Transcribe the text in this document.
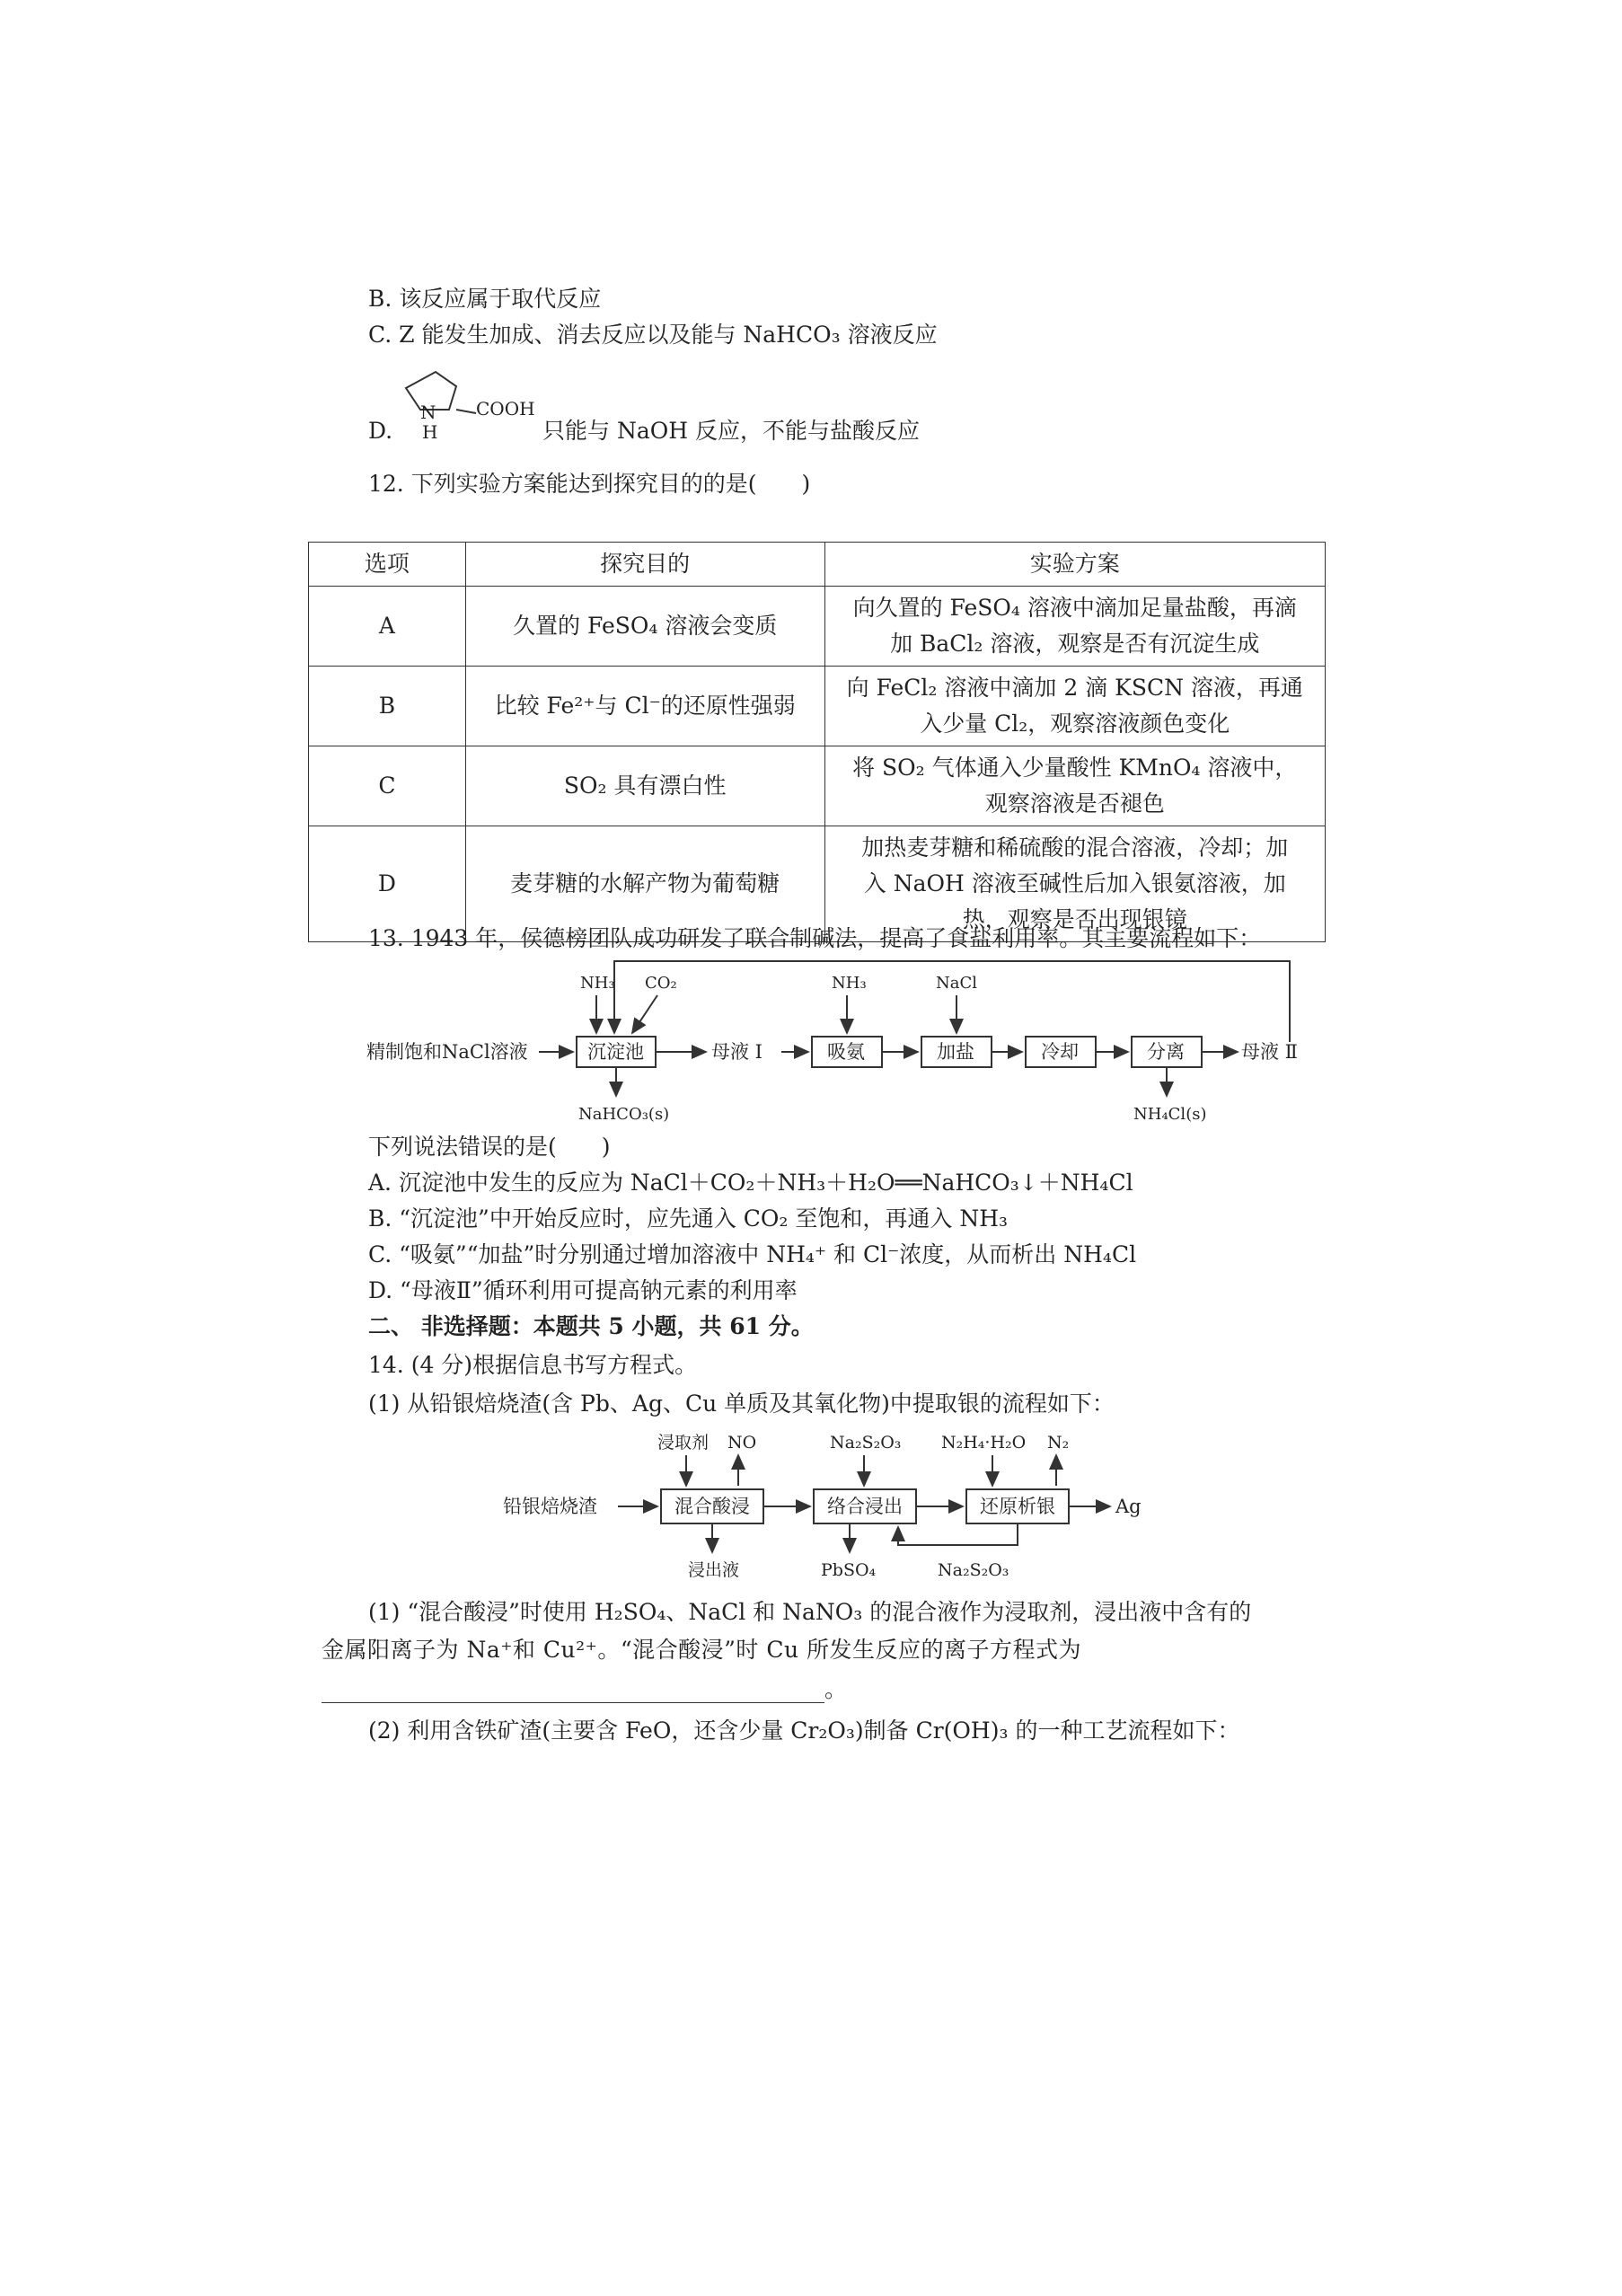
B. 该反应属于取代反应
C. Z 能发生加成、消去反应以及能与 NaHCO₃ 溶液反应
D.
N
H
COOH
只能与 NaOH 反应，不能与盐酸反应
12. 下列实验方案能达到探究目的的是(　　)
选项	探究目的	实验方案
A	久置的 FeSO₄ 溶液会变质	向久置的 FeSO₄ 溶液中滴加足量盐酸，再滴
加 BaCl₂ 溶液，观察是否有沉淀生成
B	比较 Fe²⁺与 Cl⁻的还原性强弱	向 FeCl₂ 溶液中滴加 2 滴 KSCN 溶液，再通
入少量 Cl₂，观察溶液颜色变化
C	SO₂ 具有漂白性	将 SO₂ 气体通入少量酸性 KMnO₄ 溶液中，
观察溶液是否褪色
D	麦芽糖的水解产物为葡萄糖	加热麦芽糖和稀硫酸的混合溶液，冷却；加
入 NaOH 溶液至碱性后加入银氨溶液，加
热，观察是否出现银镜
13. 1943 年，侯德榜团队成功研发了联合制碱法，提高了食盐利用率。其主要流程如下：
精制饱和NaCl溶液	沉淀池
NH₃ CO₂
NaHCO₃(s)
母液 Ⅰ	吸氨
NH₃
加盐
NaCl
冷却	分离
NH₄Cl(s)
母液 Ⅱ
下列说法错误的是(　　)
A. 沉淀池中发生的反应为 NaCl＋CO₂＋NH₃＋H₂O══NaHCO₃↓＋NH₄Cl
B. “沉淀池”中开始反应时，应先通入 CO₂ 至饱和，再通入 NH₃
C. “吸氨”“加盐”时分别通过增加溶液中 NH₄⁺ 和 Cl⁻浓度，从而析出 NH₄Cl
D. “母液Ⅱ”循环利用可提高钠元素的利用率
二、 非选择题：本题共 5 小题，共 61 分。
14. (4 分)根据信息书写方程式。
(1) 从铅银焙烧渣(含 Pb、Ag、Cu 单质及其氧化物)中提取银的流程如下：
铅银焙烧渣	混合酸浸
浸取剂 NO
浸出液
络合浸出
Na₂S₂O₃
PbSO₄
还原析银
N₂H₄·H₂O N₂
Na₂S₂O₃
Ag
(1) “混合酸浸”时使用 H₂SO₄、NaCl 和 NaNO₃ 的混合液作为浸取剂，浸出液中含有的
金属阳离子为 Na⁺和 Cu²⁺。“混合酸浸”时 Cu 所发生反应的离子方程式为
。
(2) 利用含铁矿渣(主要含 FeO，还含少量 Cr₂O₃)制备 Cr(OH)₃ 的一种工艺流程如下：
